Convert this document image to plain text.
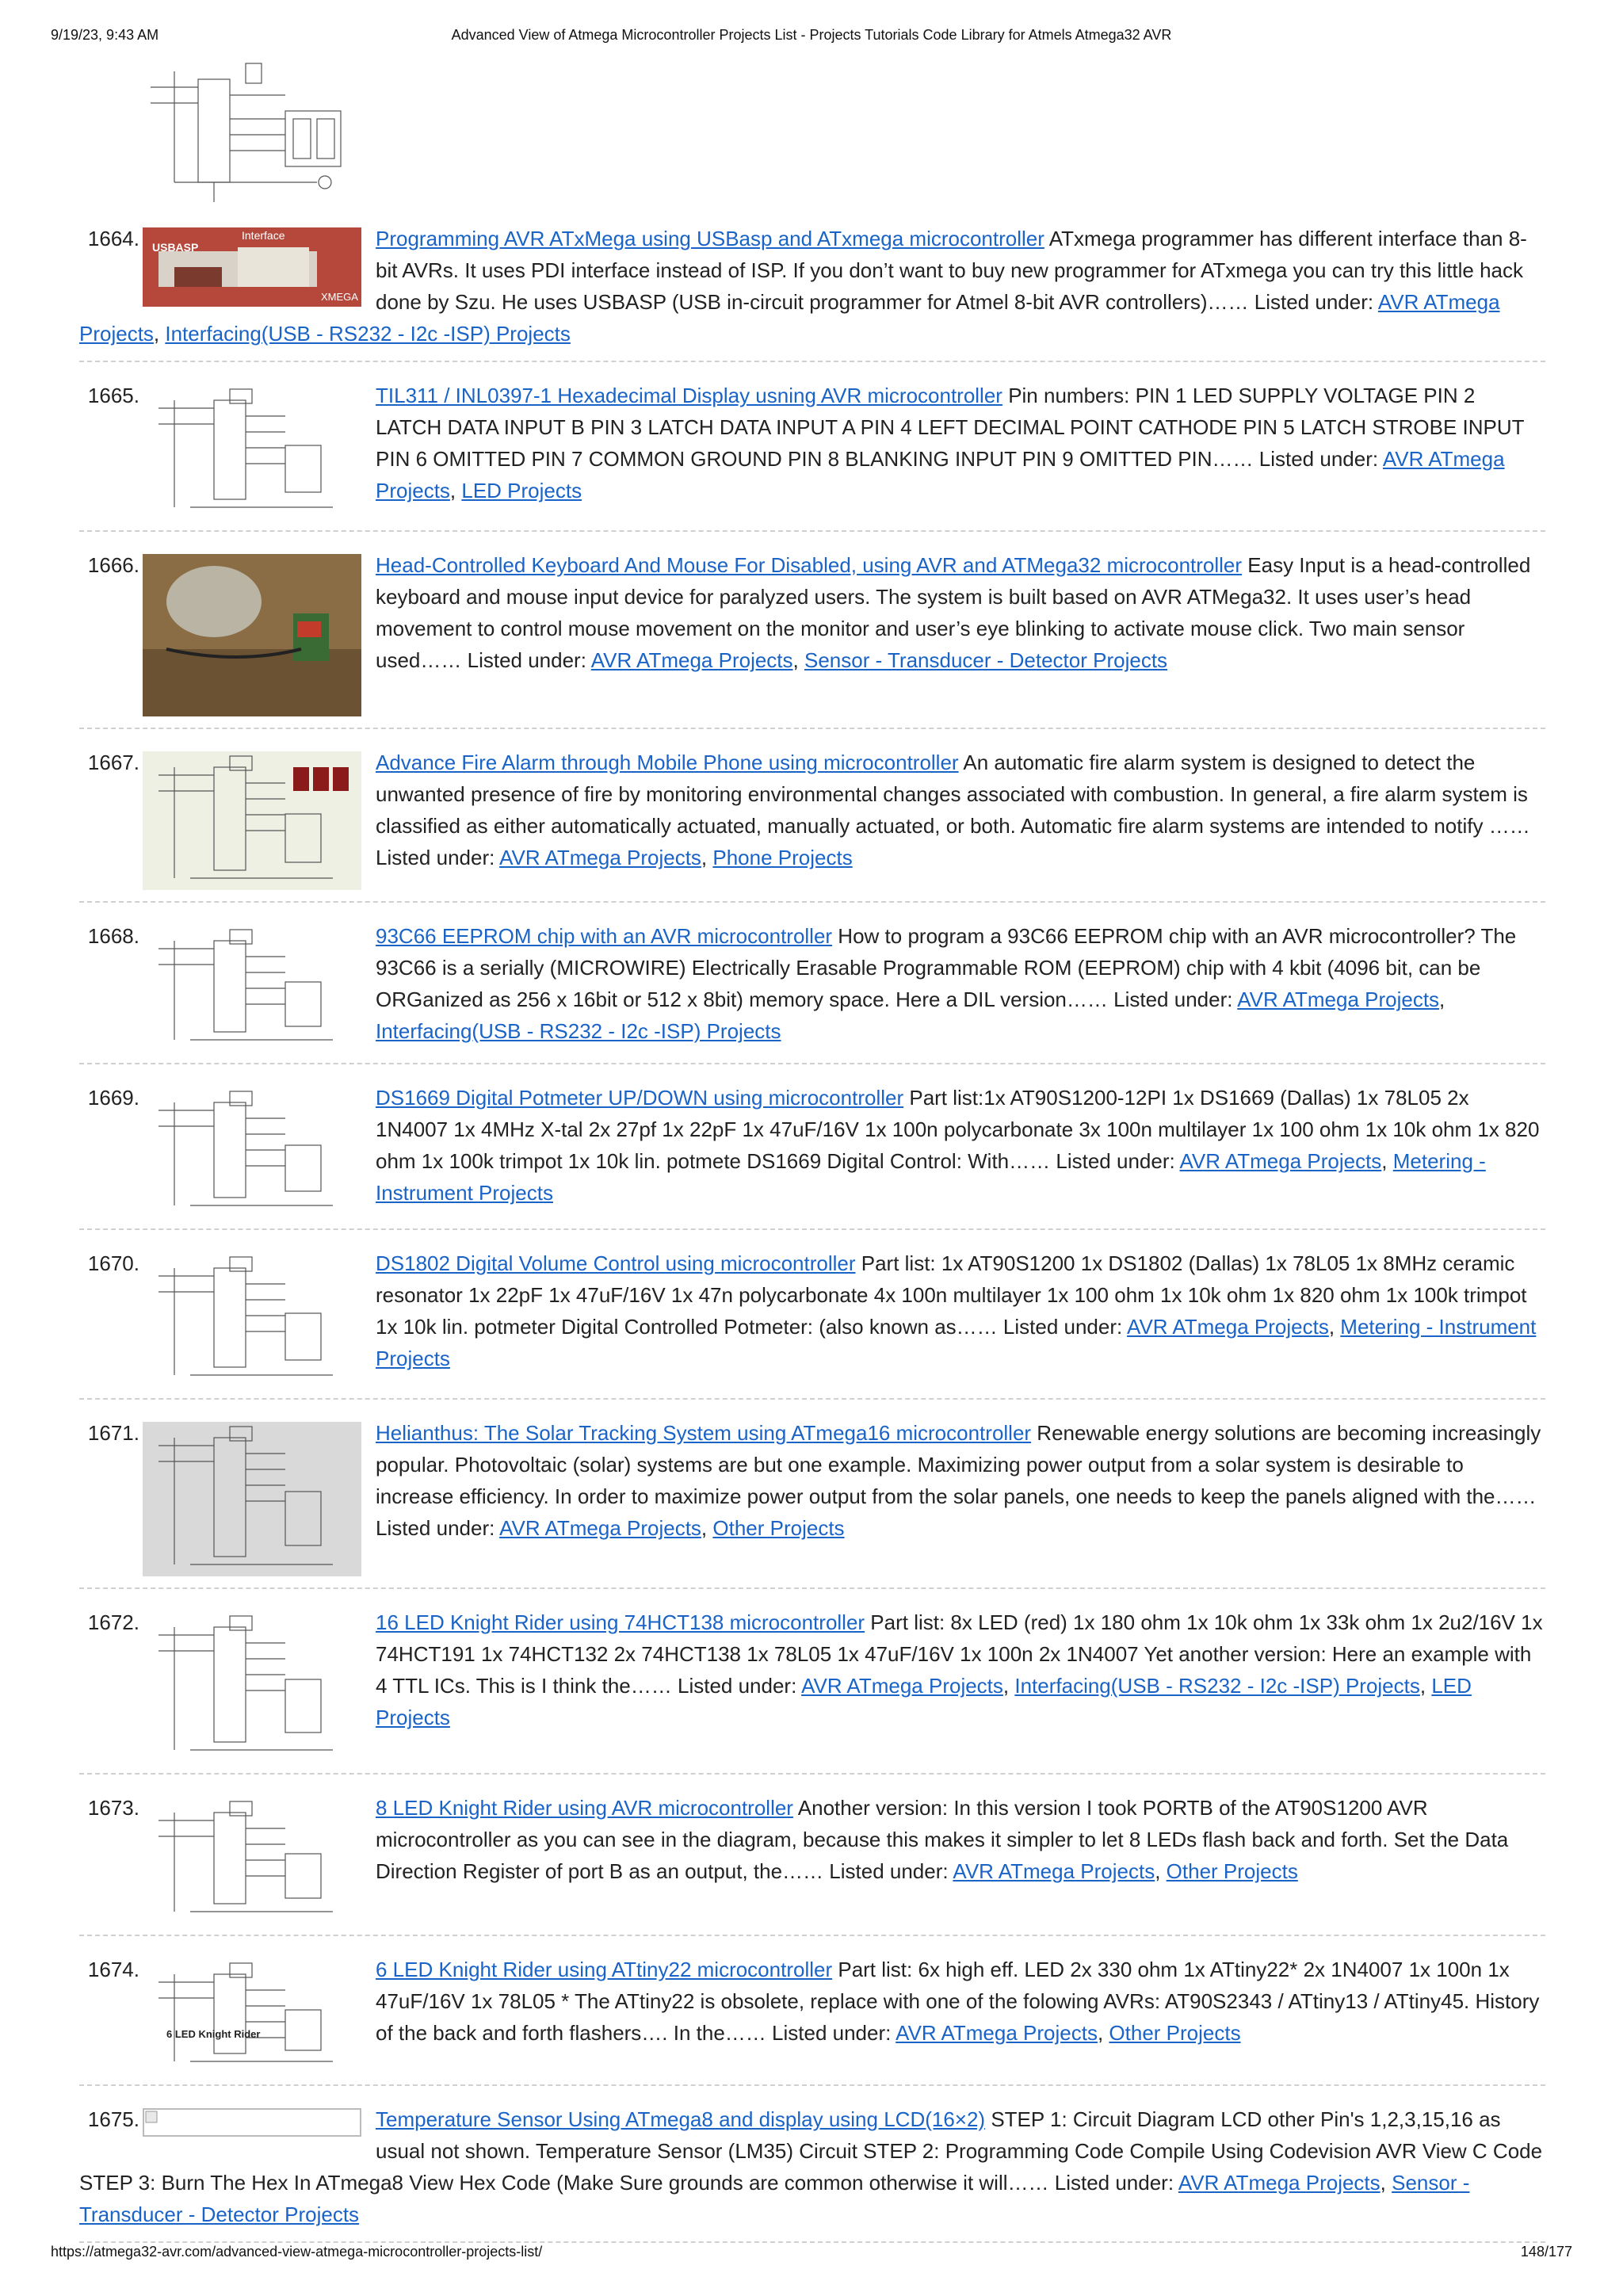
9/19/23, 9:43 AM	Advanced View of Atmega Microcontroller Projects List - Projects Tutorials Code Library for Atmels Atmega32 AVR
1664. USBASP
Interface
XMEGA
Programming AVR ATxMega using USBasp and ATxmega microcontroller ATxmega programmer has different interface than 8-bit AVRs. It uses PDI interface instead of ISP. If you don’t want to buy new programmer for ATxmega you can try this little hack done by Szu. He uses USBASP (USB in-circuit programmer for Atmel 8-bit AVR controllers)…… Listed under: AVR ATmega Projects, Interfacing(USB - RS232 - I2c -ISP) Projects
1665.	TIL311 / INL0397-1 Hexadecimal Display usning AVR microcontroller Pin numbers: PIN 1 LED SUPPLY VOLTAGE PIN 2 LATCH DATA INPUT B PIN 3 LATCH DATA INPUT A PIN 4 LEFT DECIMAL POINT CATHODE PIN 5 LATCH STROBE INPUT PIN 6 OMITTED PIN 7 COMMON GROUND PIN 8 BLANKING INPUT PIN 9 OMITTED PIN…… Listed under: AVR ATmega Projects, LED Projects
1666.	Head-Controlled Keyboard And Mouse For Disabled, using AVR and ATMega32 microcontroller Easy Input is a head-controlled keyboard and mouse input device for paralyzed users. The system is built based on AVR ATMega32. It uses user’s head movement to control mouse movement on the monitor and user’s eye blinking to activate mouse click. Two main sensor used…… Listed under: AVR ATmega Projects, Sensor - Transducer - Detector Projects
1667.	Advance Fire Alarm through Mobile Phone using microcontroller An automatic fire alarm system is designed to detect the unwanted presence of fire by monitoring environmental changes associated with combustion. In general, a fire alarm system is classified as either automatically actuated, manually actuated, or both. Automatic fire alarm systems are intended to notify …… Listed under: AVR ATmega Projects, Phone Projects
1668.	93C66 EEPROM chip with an AVR microcontroller How to program a 93C66 EEPROM chip with an AVR microcontroller? The 93C66 is a serially (MICROWIRE) Electrically Erasable Programmable ROM (EEPROM) chip with 4 kbit (4096 bit, can be ORGanized as 256 x 16bit or 512 x 8bit) memory space. Here a DIL version…… Listed under: AVR ATmega Projects, Interfacing(USB - RS232 - I2c -ISP) Projects
1669.	DS1669 Digital Potmeter UP/DOWN using microcontroller Part list:1x AT90S1200-12PI 1x DS1669 (Dallas) 1x 78L05 2x 1N4007 1x 4MHz X-tal 2x 27pf 1x 22pF 1x 47uF/16V 1x 100n polycarbonate 3x 100n multilayer 1x 100 ohm 1x 10k ohm 1x 820 ohm 1x 100k trimpot 1x 10k lin. potmete DS1669 Digital Control: With…… Listed under: AVR ATmega Projects, Metering - Instrument Projects
1670.	DS1802 Digital Volume Control using microcontroller Part list: 1x AT90S1200 1x DS1802 (Dallas) 1x 78L05 1x 8MHz ceramic resonator 1x 22pF 1x 47uF/16V 1x 47n polycarbonate 4x 100n multilayer 1x 100 ohm 1x 10k ohm 1x 820 ohm 1x 100k trimpot 1x 10k lin. potmeter Digital Controlled Potmeter: (also known as…… Listed under: AVR ATmega Projects, Metering - Instrument Projects
1671.	Helianthus: The Solar Tracking System using ATmega16 microcontroller Renewable energy solutions are becoming increasingly popular. Photovoltaic (solar) systems are but one example. Maximizing power output from a solar system is desirable to increase efficiency. In order to maximize power output from the solar panels, one needs to keep the panels aligned with the…… Listed under: AVR ATmega Projects, Other Projects
1672.	16 LED Knight Rider using 74HCT138 microcontroller Part list: 8x LED (red) 1x 180 ohm 1x 10k ohm 1x 33k ohm 1x 2u2/16V 1x 74HCT191 1x 74HCT132 2x 74HCT138 1x 78L05 1x 47uF/16V 1x 100n 2x 1N4007 Yet another version: Here an example with 4 TTL ICs. This is I think the…… Listed under: AVR ATmega Projects, Interfacing(USB - RS232 - I2c -ISP) Projects, LED Projects
1673.	8 LED Knight Rider using AVR microcontroller Another version: In this version I took PORTB of the AT90S1200 AVR microcontroller as you can see in the diagram, because this makes it simpler to let 8 LEDs flash back and forth. Set the Data Direction Register of port B as an output, the…… Listed under: AVR ATmega Projects, Other Projects
1674.
6 LED Knight Rider
6 LED Knight Rider using ATtiny22 microcontroller Part list: 6x high eff. LED 2x 330 ohm 1x ATtiny22* 2x 1N4007 1x 100n 1x 47uF/16V 1x 78L05 * The ATtiny22 is obsolete, replace with one of the folowing AVRs: AT90S2343 / ATtiny13 / ATtiny45. History of the back and forth flashers…. In the…… Listed under: AVR ATmega Projects, Other Projects
1675.	Temperature Sensor Using ATmega8 and display using LCD(16×2) STEP 1: Circuit Diagram LCD other Pin's 1,2,3,15,16 as usual not shown. Temperature Sensor (LM35) Circuit STEP 2: Programming Code Compile Using Codevision AVR View C Code STEP 3: Burn The Hex In ATmega8 View Hex Code (Make Sure grounds are common otherwise it will…… Listed under: AVR ATmega Projects, Sensor - Transducer - Detector Projects
https://atmega32-avr.com/advanced-view-atmega-microcontroller-projects-list/	148/177
